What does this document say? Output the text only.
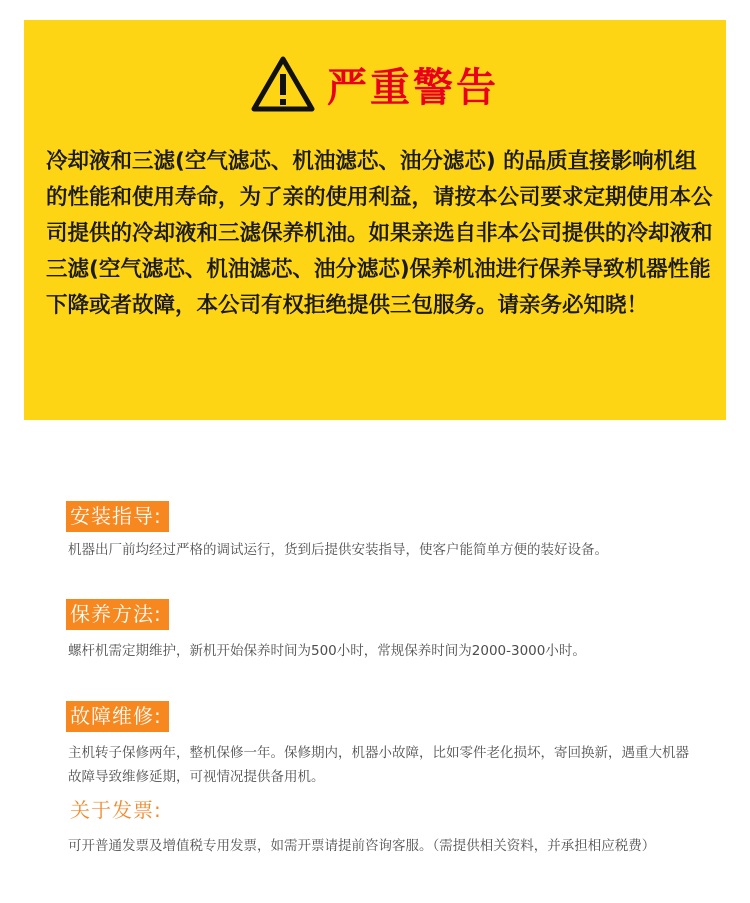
严重警告

冷却液和三滤(空气滤芯、机油滤芯、油分滤芯) 的品质直接影响机组的性能和使用寿命，为了亲的使用利益，请按本公司要求定期使用本公司提供的冷却液和三滤保养机油。如果亲选自非本公司提供的冷却液和三滤(空气滤芯、机油滤芯、油分滤芯)保养机油进行保养导致机器性能下降或者故障，本公司有权拒绝提供三包服务。请亲务必知晓！

安装指导:

机器出厂前均经过严格的调试运行，货到后提供安装指导，使客户能简单方便的装好设备。

保养方法:

螺杆机需定期维护，新机开始保养时间为500小时，常规保养时间为2000-3000小时。

故障维修:

主机转子保修两年，整机保修一年。保修期内，机器小故障，比如零件老化损坏，寄回换新，遇重大机器故障导致维修延期，可视情况提供备用机。

关于发票:

可开普通发票及增值税专用发票，如需开票请提前咨询客服。（需提供相关资料，并承担相应税费）
